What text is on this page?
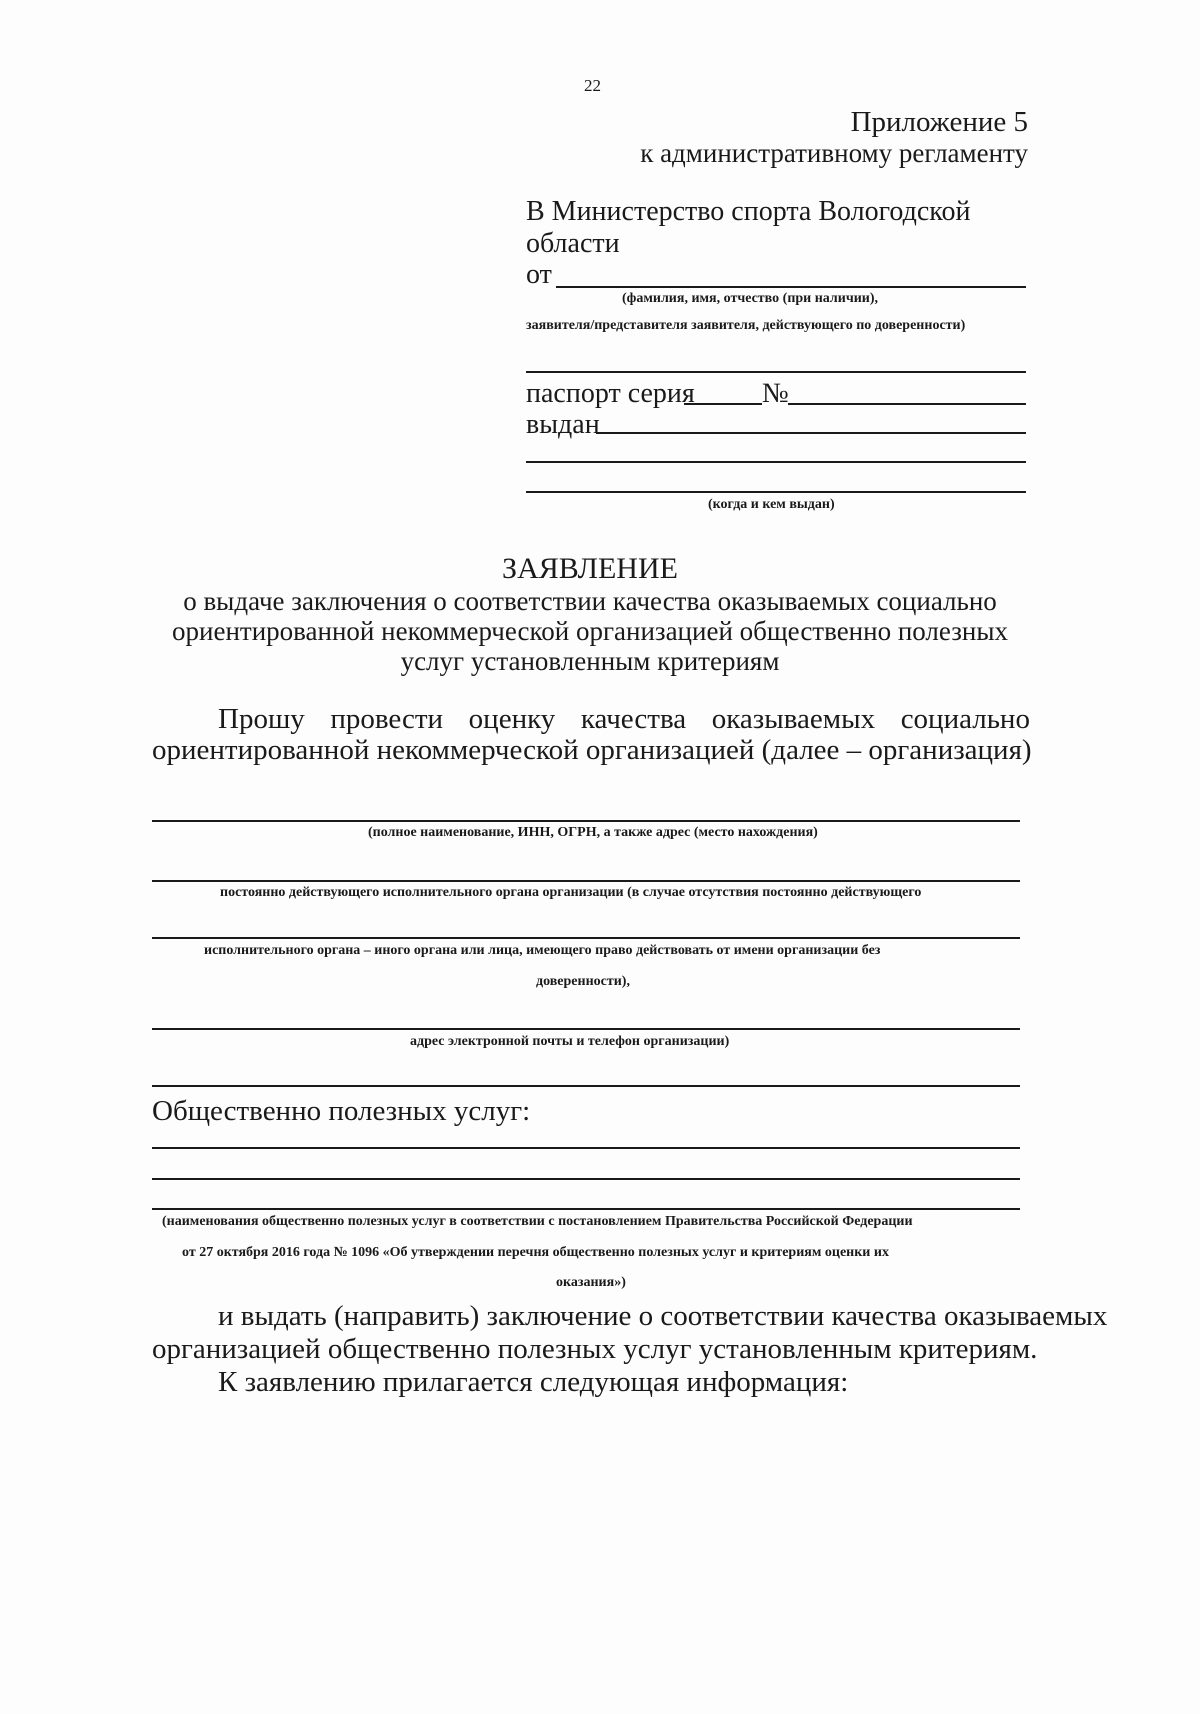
22
Приложение 5
к административному регламенту
В Министерство спорта Вологодской
области
от
(фамилия, имя, отчество (при наличии),
заявителя/представителя заявителя, действующего по доверенности)
паспорт серия №
выдан
(когда и кем выдан)
ЗАЯВЛЕНИЕ
о выдаче заключения о соответствии качества оказываемых социально
ориентированной некоммерческой организацией общественно полезных
услуг установленным критериям
Прошу провести оценку качества оказываемых социально
ориентированной некоммерческой организацией (далее – организация)
(полное наименование, ИНН, ОГРН, а также адрес (место нахождения)
постоянно действующего исполнительного органа организации (в случае отсутствия постоянно действующего
исполнительного органа – иного органа или лица, имеющего право действовать от имени организации без
доверенности),
адрес электронной почты и телефон организации)
Общественно полезных услуг:
(наименования общественно полезных услуг в соответствии с постановлением Правительства Российской Федерации
от 27 октября 2016 года № 1096 «Об утверждении перечня общественно полезных услуг и критериям оценки их
оказания»)
и выдать (направить) заключение о соответствии качества оказываемых
организацией общественно полезных услуг установленным критериям.
К заявлению прилагается следующая информация:
